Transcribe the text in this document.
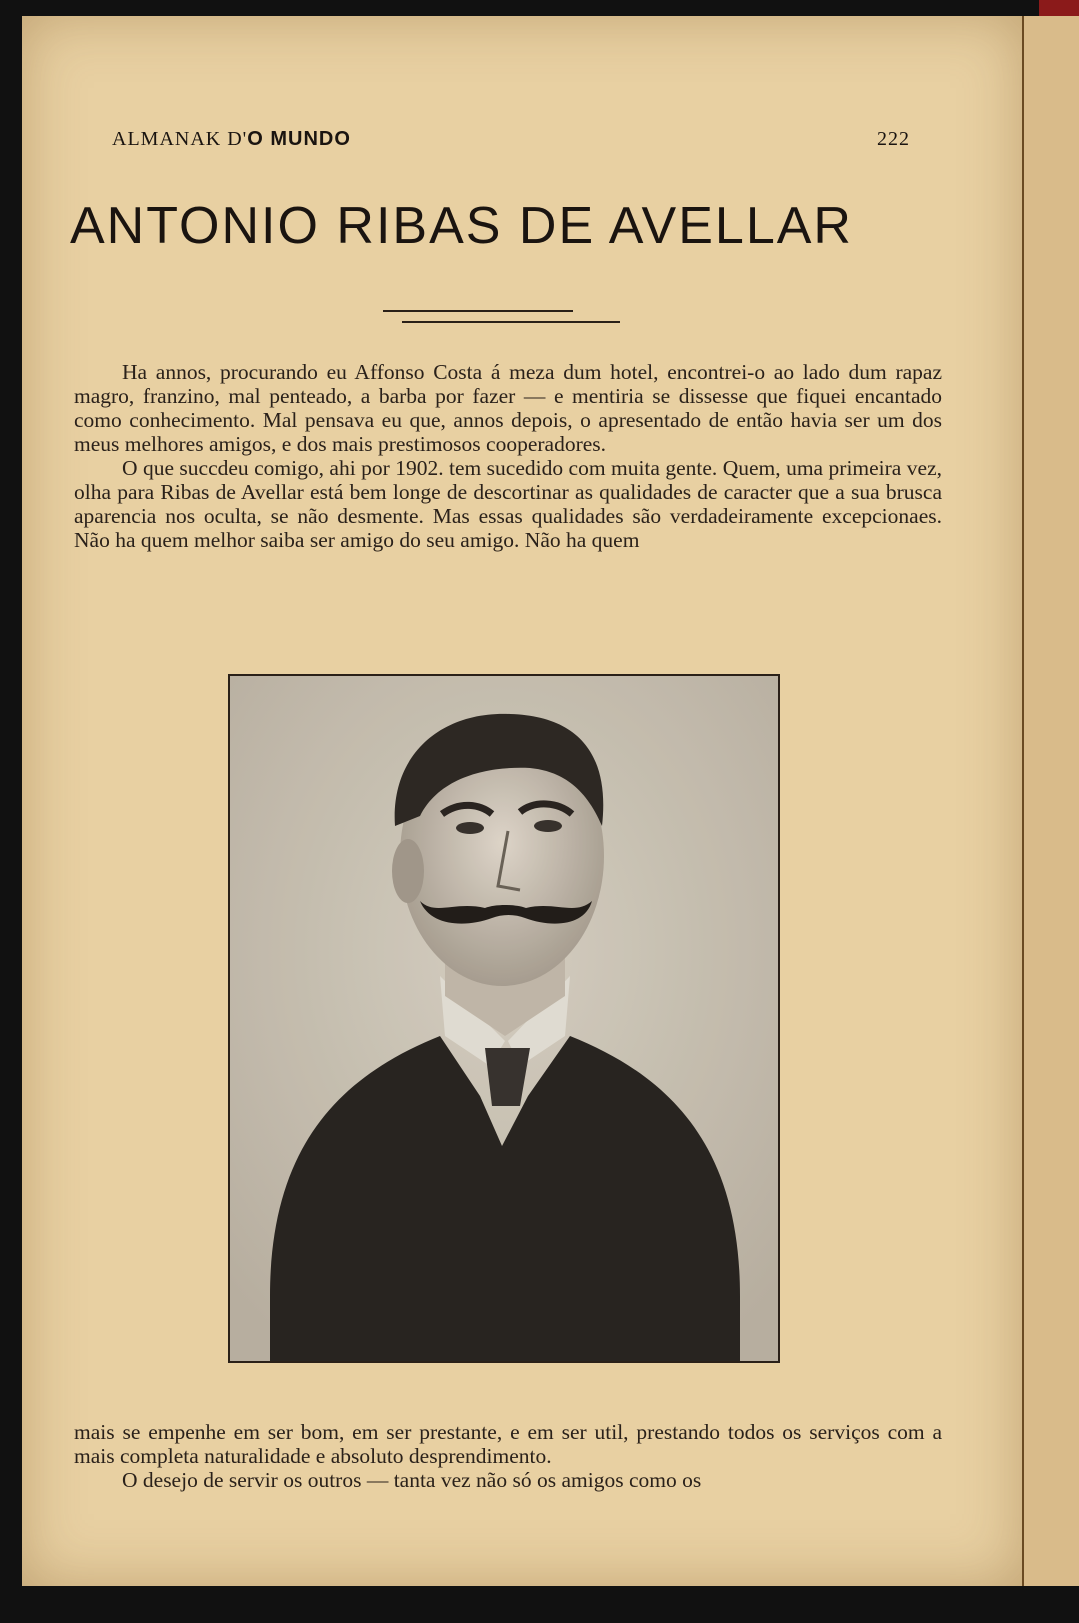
ALMANAK D'O MUNDO	222
ANTONIO RIBAS DE AVELLAR

Ha annos, procurando eu Affonso Costa á meza dum hotel, encontrei-o ao lado dum rapaz magro, franzino, mal penteado, a barba por fazer — e mentiria se dissesse que fiquei encantado como conhecimento. Mal pensava eu que, annos depois, o apresentado de então havia ser um dos meus melhores amigos, e dos mais prestimosos cooperadores.

O que succdeu comigo, ahi por 1902. tem sucedido com muita gente. Quem, uma primeira vez, olha para Ribas de Avellar está bem longe de descortinar as qualidades de caracter que a sua brusca aparencia nos oculta, se não desmente. Mas essas qualidades são verdadeiramente excepcionaes. Não ha quem melhor saiba ser amigo do seu amigo. Não ha quem

mais se empenhe em ser bom, em ser prestante, e em ser util, prestando todos os serviços com a mais completa naturalidade e absoluto desprendimento.

O desejo de servir os outros — tanta vez não só os amigos como os
